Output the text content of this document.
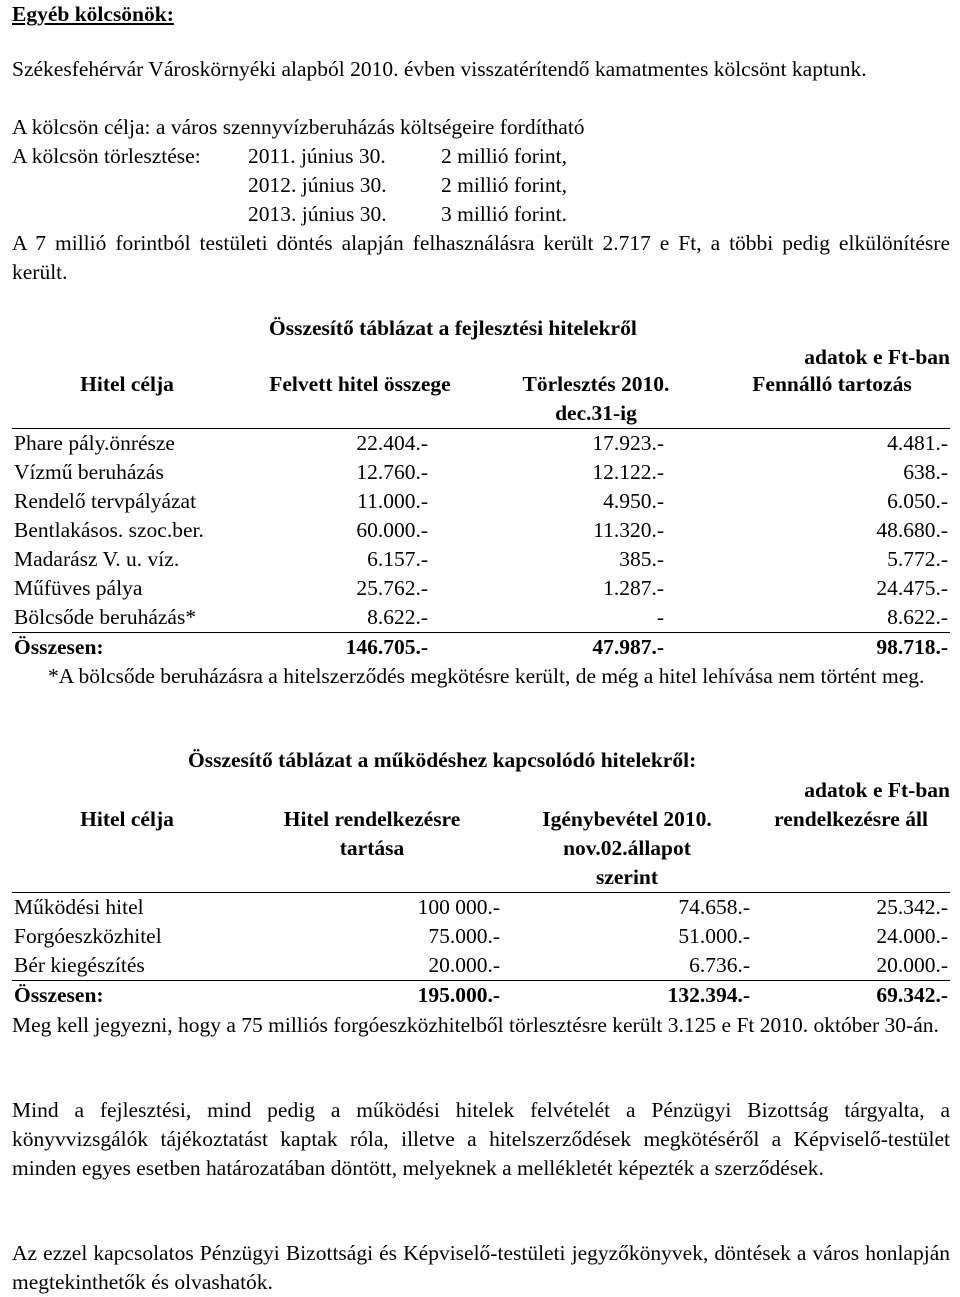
Egyéb kölcsönök:
Székesfehérvár Városkörnyéki alapból 2010. évben visszatérítendő kamatmentes kölcsönt kaptunk.
A kölcsön célja: a város szennyvízberuházás költségeire fordítható
A kölcsön törlesztése: 2011. június 30.	2 millió forint,
2012. június 30.	2 millió forint,
2013. június 30.	3 millió forint.
A 7 millió forintból testületi döntés alapján felhasználásra került 2.717 e Ft, a többi pedig elkülönítésre került.
Összesítő táblázat a fejlesztési hitelekről
adatok e Ft-ban
Hitel célja	Felvett hitel összege	Törlesztés 2010. dec.31-ig	Fennálló tartozás
Phare pály.önrésze	22.404.-	17.923.-	4.481.-
Vízmű beruházás	12.760.-	12.122.-	638.-
Rendelő tervpályázat	11.000.-	4.950.-	6.050.-
Bentlakásos. szoc.ber.	60.000.-	11.320.-	48.680.-
Madarász V. u. víz.	6.157.-	385.-	5.772.-
Műfüves pálya	25.762.-	1.287.-	24.475.-
Bölcsőde beruházás*	8.622.-	-	8.622.-
Összesen:	146.705.-	47.987.-	98.718.-
*A bölcsőde beruházásra a hitelszerződés megkötésre került, de még a hitel lehívása nem történt meg.
Összesítő táblázat a működéshez kapcsolódó hitelekről:
adatok e Ft-ban
Hitel célja	Hitel rendelkezésre tartása	Igénybevétel 2010. nov.02.állapot szerint	rendelkezésre áll
Működési hitel	100 000.-	74.658.-	25.342.-
Forgóeszközhitel	75.000.-	51.000.-	24.000.-
Bér kiegészítés	20.000.-	6.736.-	20.000.-
Összesen:	195.000.-	132.394.-	69.342.-
Meg kell jegyezni, hogy a 75 milliós forgóeszközhitelből törlesztésre került 3.125 e Ft 2010. október 30-án.
Mind a fejlesztési, mind pedig a működési hitelek felvételét a Pénzügyi Bizottság tárgyalta, a könyvvizsgálók tájékoztatást kaptak róla, illetve a hitelszerződések megkötéséről a Képviselő-testület minden egyes esetben határozatában döntött, melyeknek a mellékletét képezték a szerződések.
Az ezzel kapcsolatos Pénzügyi Bizottsági és Képviselő-testületi jegyzőkönyvek, döntések a város honlapján megtekinthetők és olvashatók.
